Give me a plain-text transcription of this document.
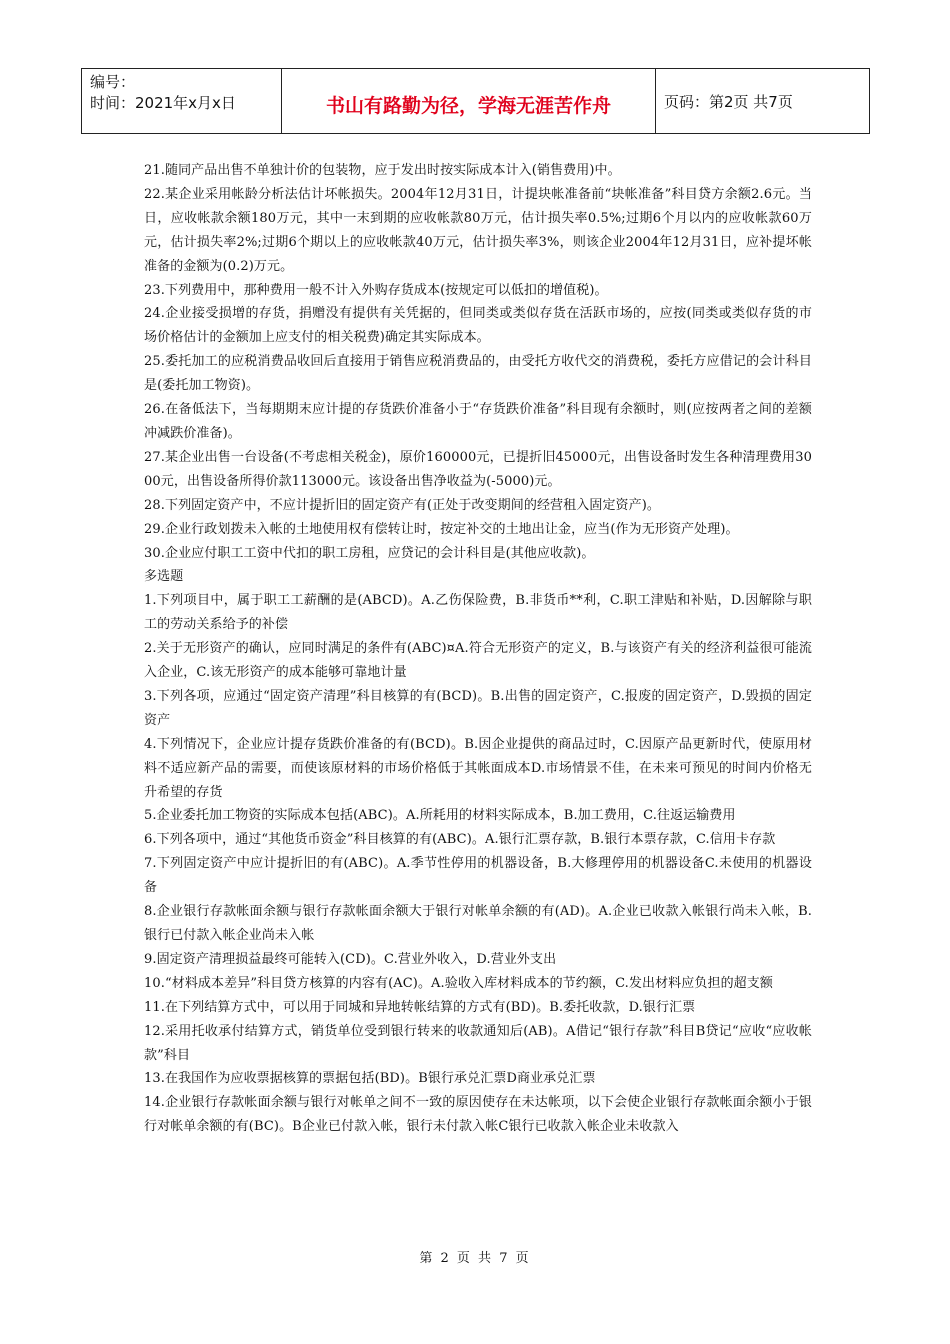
编号：
时间：2021年x月x日	书山有路勤为径，学海无涯苦作舟	页码：第2页 共7页

21.随同产品出售不单独计价的包装物，应于发出时按实际成本计入(销售费用)中。

22.某企业采用帐龄分析法估计坏帐损失。2004年12月31日，计提块帐准备前“块帐准备”科目贷方余额2.6元。当日，应收帐款余额180万元，其中一末到期的应收帐款80万元，估计损失率0.5%;过期6个月以内的应收帐款60万元，估计损失率2%;过期6个期以上的应收帐款40万元，估计损失率3%，则该企业2004年12月31日，应补提坏帐准备的金额为(0.2)万元。

23.下列费用中，那种费用一般不计入外购存货成本(按规定可以低扣的增值税)。

24.企业接受损增的存货，捐赠没有提供有关凭据的，但同类或类似存货在活跃市场的，应按(同类或类似存货的市场价格估计的金额加上应支付的相关税费)确定其实际成本。

25.委托加工的应税消费品收回后直接用于销售应税消费品的，由受托方收代交的消费税，委托方应借记的会计科目是(委托加工物资)。

26.在备低法下，当每期期末应计提的存货跌价准备小于“存货跌价准备”科目现有余额时，则(应按两者之间的差额冲减跌价准备)。

27.某企业出售一台设备(不考虑相关税金)，原价160000元，已提折旧45000元，出售设备时发生各种清理费用3000元，出售设备所得价款113000元。该设备出售净收益为(-5000)元。

28.下列固定资产中，不应计提折旧的固定资产有(正处于改变期间的经营租入固定资产)。

29.企业行政划拨未入帐的土地使用权有偿转让时，按定补交的土地出让金，应当(作为无形资产处理)。

30.企业应付职工工资中代扣的职工房租，应贷记的会计科目是(其他应收款)。

多选题

1.下列项目中，属于职工工薪酬的是(ABCD)。A.乙伤保险费，B.非货币**利，C.职工津贴和补贴，D.因解除与职工的劳动关系给予的补偿

2.关于无形资产的确认，应同时满足的条件有(ABC)¤A.符合无形资产的定义，B.与该资产有关的经济利益很可能流入企业，C.该无形资产的成本能够可靠地计量

3.下列各项，应通过“固定资产清理”科目核算的有(BCD)。B.出售的固定资产，C.报废的固定资产，D.毁损的固定资产

4.下列情况下，企业应计提存货跌价准备的有(BCD)。B.因企业提供的商品过时，C.因原产品更新时代，使原用材料不适应新产品的需要，而使该原材料的市场价格低于其帐面成本D.市场情景不佳，在未来可预见的时间内价格无升希望的存货

5.企业委托加工物资的实际成本包括(ABC)。A.所耗用的材料实际成本，B.加工费用，C.往返运输费用

6.下列各项中，通过“其他货币资金”科目核算的有(ABC)。A.银行汇票存款，B.银行本票存款，C.信用卡存款

7.下列固定资产中应计提折旧的有(ABC)。A.季节性停用的机器设备，B.大修理停用的机器设备C.未使用的机器设备

8.企业银行存款帐面余额与银行存款帐面余额大于银行对帐单余额的有(AD)。A.企业已收款入帐银行尚未入帐，B.银行已付款入帐企业尚未入帐

9.固定资产清理损益最终可能转入(CD)。C.营业外收入，D.营业外支出

10.“材料成本差异”科目贷方核算的内容有(AC)。A.验收入库材料成本的节约额，C.发出材料应负担的超支额

11.在下列结算方式中，可以用于同城和异地转帐结算的方式有(BD)。B.委托收款，D.银行汇票

12.采用托收承付结算方式，销货单位受到银行转来的收款通知后(AB)。A借记“银行存款”科目B贷记“应收“应收帐款”科目

13.在我国作为应收票据核算的票据包括(BD)。B银行承兑汇票D商业承兑汇票

14.企业银行存款帐面余额与银行对帐单之间不一致的原因使存在未达帐项，以下会使企业银行存款帐面余额小于银行对帐单余额的有(BC)。B企业已付款入帐，银行未付款入帐C银行已收款入帐企业未收款入

第 2 页 共 7 页
